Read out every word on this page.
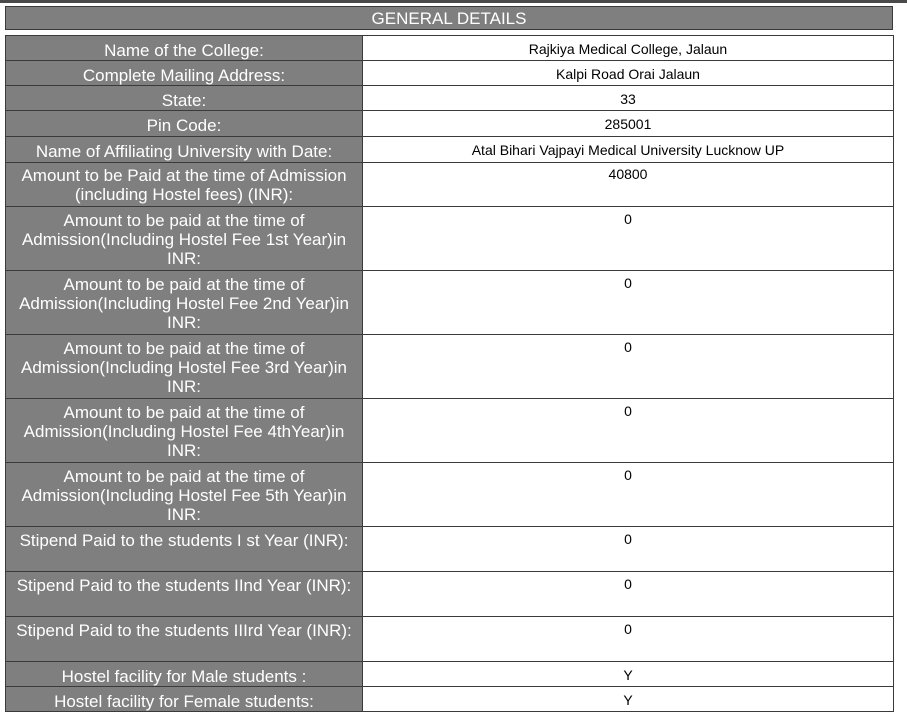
GENERAL DETAILS
Name of the College:	Rajkiya Medical College, Jalaun

Complete Mailing Address:	Kalpi Road Orai Jalaun

State:	33

Pin Code:	285001

Name of Affiliating University with Date:	Atal Bihari Vajpayi Medical University Lucknow UP

Amount to be Paid at the time of Admission (including Hostel fees) (INR):	40800

Amount to be paid at the time of Admission(Including Hostel Fee 1st Year)in INR:	0

Amount to be paid at the time of Admission(Including Hostel Fee 2nd Year)in INR:	0

Amount to be paid at the time of Admission(Including Hostel Fee 3rd Year)in INR:	0

Amount to be paid at the time of Admission(Including Hostel Fee 4thYear)in INR:	0

Amount to be paid at the time of Admission(Including Hostel Fee 5th Year)in INR:	0

Stipend Paid to the students I st Year (INR):	0

Stipend Paid to the students IInd Year (INR):	0

Stipend Paid to the students IIIrd Year (INR):	0

Hostel facility for Male students :	Y

Hostel facility for Female students:	Y
